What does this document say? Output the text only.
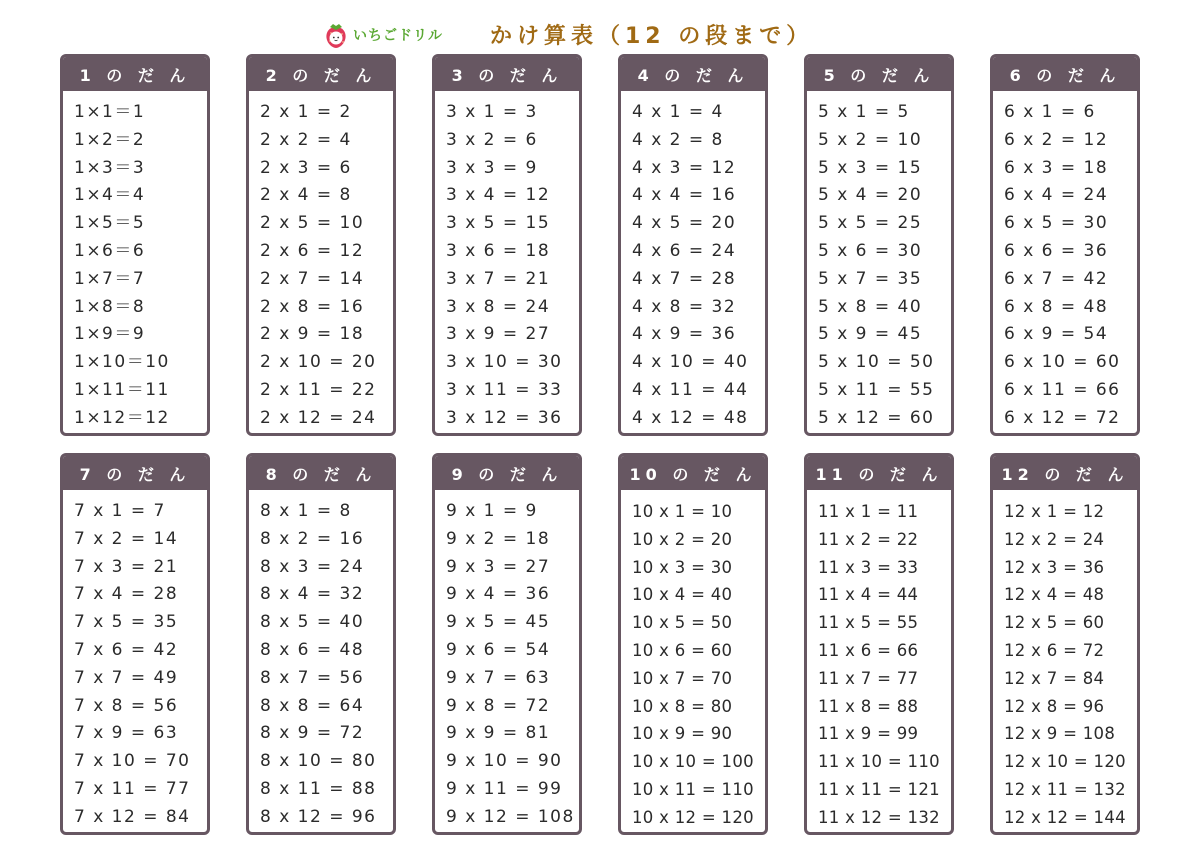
いちごドリル かけ算表（12 の段まで）
1 の だ ん
1×1＝1
1×2＝2
1×3＝3
1×4＝4
1×5＝5
1×6＝6
1×7＝7
1×8＝8
1×9＝9
1×10＝10
1×11＝11
1×12＝12
2 の だ ん
2 x 1 = 2
2 x 2 = 4
2 x 3 = 6
2 x 4 = 8
2 x 5 = 10
2 x 6 = 12
2 x 7 = 14
2 x 8 = 16
2 x 9 = 18
2 x 10 = 20
2 x 11 = 22
2 x 12 = 24
3 の だ ん
3 x 1 = 3
3 x 2 = 6
3 x 3 = 9
3 x 4 = 12
3 x 5 = 15
3 x 6 = 18
3 x 7 = 21
3 x 8 = 24
3 x 9 = 27
3 x 10 = 30
3 x 11 = 33
3 x 12 = 36
4 の だ ん
4 x 1 = 4
4 x 2 = 8
4 x 3 = 12
4 x 4 = 16
4 x 5 = 20
4 x 6 = 24
4 x 7 = 28
4 x 8 = 32
4 x 9 = 36
4 x 10 = 40
4 x 11 = 44
4 x 12 = 48
5 の だ ん
5 x 1 = 5
5 x 2 = 10
5 x 3 = 15
5 x 4 = 20
5 x 5 = 25
5 x 6 = 30
5 x 7 = 35
5 x 8 = 40
5 x 9 = 45
5 x 10 = 50
5 x 11 = 55
5 x 12 = 60
6 の だ ん
6 x 1 = 6
6 x 2 = 12
6 x 3 = 18
6 x 4 = 24
6 x 5 = 30
6 x 6 = 36
6 x 7 = 42
6 x 8 = 48
6 x 9 = 54
6 x 10 = 60
6 x 11 = 66
6 x 12 = 72
7 の だ ん
7 x 1 = 7
7 x 2 = 14
7 x 3 = 21
7 x 4 = 28
7 x 5 = 35
7 x 6 = 42
7 x 7 = 49
7 x 8 = 56
7 x 9 = 63
7 x 10 = 70
7 x 11 = 77
7 x 12 = 84
8 の だ ん
8 x 1 = 8
8 x 2 = 16
8 x 3 = 24
8 x 4 = 32
8 x 5 = 40
8 x 6 = 48
8 x 7 = 56
8 x 8 = 64
8 x 9 = 72
8 x 10 = 80
8 x 11 = 88
8 x 12 = 96
9 の だ ん
9 x 1 = 9
9 x 2 = 18
9 x 3 = 27
9 x 4 = 36
9 x 5 = 45
9 x 6 = 54
9 x 7 = 63
9 x 8 = 72
9 x 9 = 81
9 x 10 = 90
9 x 11 = 99
9 x 12 = 108
10 の だ ん
10 x 1 = 10
10 x 2 = 20
10 x 3 = 30
10 x 4 = 40
10 x 5 = 50
10 x 6 = 60
10 x 7 = 70
10 x 8 = 80
10 x 9 = 90
10 x 10 = 100
10 x 11 = 110
10 x 12 = 120
11 の だ ん
11 x 1 = 11
11 x 2 = 22
11 x 3 = 33
11 x 4 = 44
11 x 5 = 55
11 x 6 = 66
11 x 7 = 77
11 x 8 = 88
11 x 9 = 99
11 x 10 = 110
11 x 11 = 121
11 x 12 = 132
12 の だ ん
12 x 1 = 12
12 x 2 = 24
12 x 3 = 36
12 x 4 = 48
12 x 5 = 60
12 x 6 = 72
12 x 7 = 84
12 x 8 = 96
12 x 9 = 108
12 x 10 = 120
12 x 11 = 132
12 x 12 = 144
